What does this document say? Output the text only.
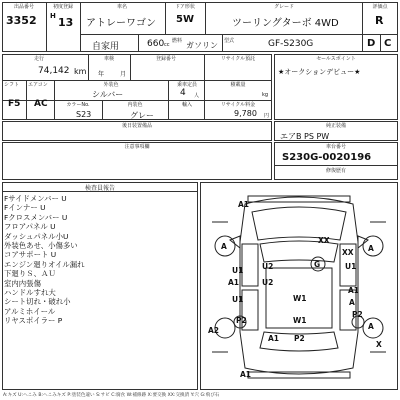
出品番号
3352
初度登録
H 13
車名
アトレーワゴン
ドア形状
5W
グレード
ツーリングターボ 4WD
評価点
R
自家用	660 cc
燃料 ガソリン 型式	GF-S230G	D C
走行
74,142 km
車検
年	月
登録番号	リサイクル預託
シフト
F5
エアコン
AC
外装色
シルバー
乗車定員
4 人
積載量
kg
カラーNo.
S23
内装色
グレー
輸入	リサイクル料金
9,780 円
後日装置備品
セールスポイント
★オークションデビュー★
純正装備
エアB PS PW
車台番号
S230G-0020196
修復歴有
注意事項欄
検査員報告
Fサイドメンバー U
Fインナー U
Fクロスメンバー U
フロアパネル U
ダッシュパネル小U
外装色あせ、小傷多い
コアサポート U
エンジン廻りオイル漏れ
下廻りＳ、ＡＵ
室内内張傷
ハンドルすれ大
シート切れ・破れ小
アルミホイール
リヤスポイラー P
A1
XX
A
U1 U2	U1
XX
A1
G
A
U2
U1	W1
A1
A
P2
P2
W1
A
A2
A1 P2
A1
X
A:キズ U:へこみ B:へこみキズ P:塗装色違い S:サビ C:腐食 W:補修跡 X:要交換 XX:交換済 Y:穴 G:飛び石
